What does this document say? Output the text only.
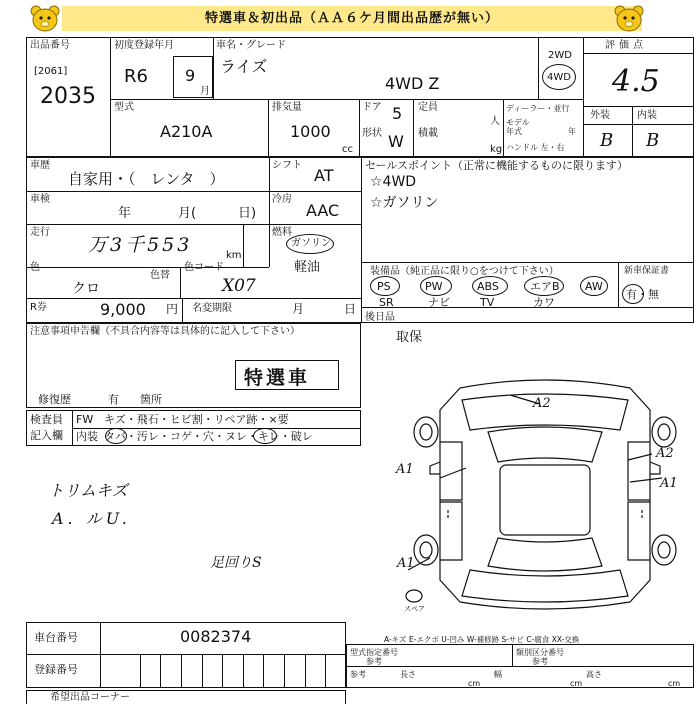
特選車＆初出品（ＡＡ６ケ月間出品歴が無い）
出品番号
[2061]
2035
初度登録年月
R6 9
月
車名・グレード
ライズ
4WD Z
2WD
4WD
評価点
4.5
外装	内装
B B
型式
A210A
排気量
1000
cc
ドア 5
形状 W
定員
人
積載
kg
ディーラー・並行
モデル
年式	年
ハンドル 左・右
車歴
自家用・（　レンタ　）
シフト
AT
車検
年	月(	日)
冷房
AAC
走行
万3千553	km
燃料
ガソリン
軽油
色
クロ
色替
色コード
X07
R券	9,000 円 名変期限	月	日
セールスポイント（正常に機能するものに限ります）
☆4WD
☆ガソリン
装備品（純正品に限り○をつけて下さい）
PS	PW	ABS	エアB AW
SR	ナビ	TV	カワ
新車保証書
有・無
後日品
取保
注意事項申告欄（不具合内容等は具体的に記入して下さい）
特選車
修復歴	有 箇所
検査員
記入欄
FW キズ・飛石・ヒビ割・リペア跡・×要
内装 タバ・汚レ・コゲ・穴・ヌレ・キレ・破レ
トリムキズ
A. ルU.
足回りS
A2
A2
A1
A1
A1
スペア
A-キズ E-エクボ U-凹み W-補修跡 S-サビ C-腐食 XX-交換
車台番号	0082374
登録番号
型式指定番号
参考
類別区分番号
参考
参考	長さ
cm
幅
cm
高さ
cm
希望出品コーナー
